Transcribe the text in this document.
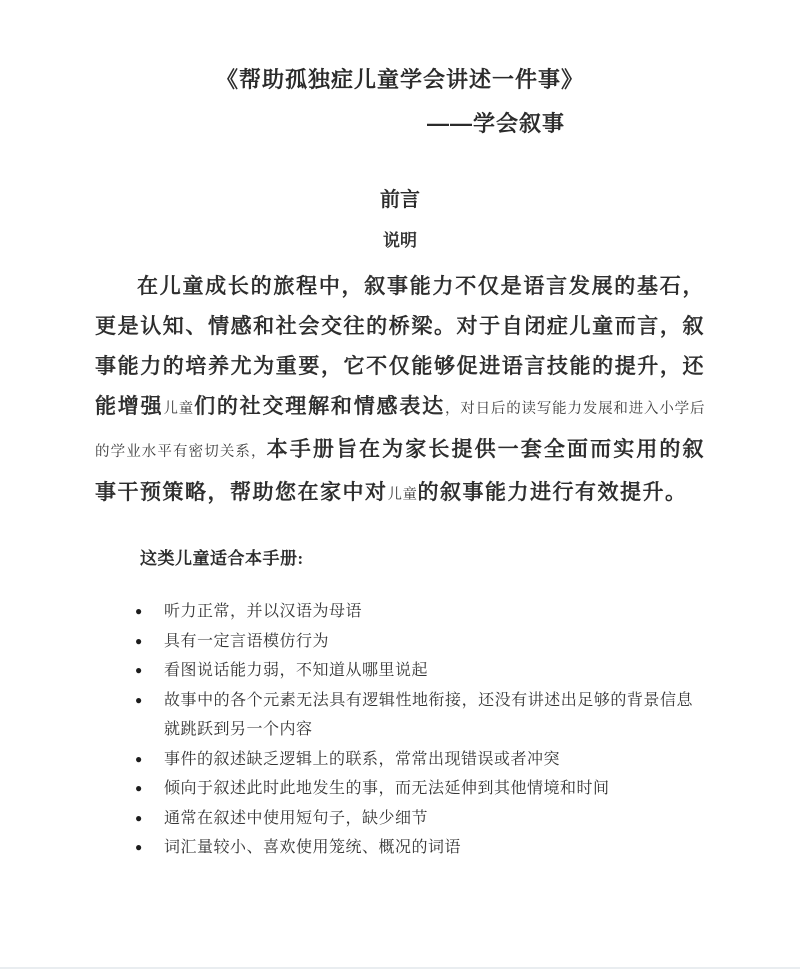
《帮助孤独症儿童学会讲述一件事》
——学会叙事
前言
说明

在儿童成长的旅程中，叙事能力不仅是语言发展的基石，更是认知、情感和社会交往的桥梁。对于自闭症儿童而言，叙事能力的培养尤为重要，它不仅能够促进语言技能的提升，还能增强儿童们的社交理解和情感表达，对日后的读写能力发展和进入小学后的学业水平有密切关系，本手册旨在为家长提供一套全面而实用的叙事干预策略，帮助您在家中对儿童的叙事能力进行有效提升。

这类儿童适合本手册:
● 听力正常，并以汉语为母语
● 具有一定言语模仿行为
● 看图说话能力弱，不知道从哪里说起
● 故事中的各个元素无法具有逻辑性地衔接，还没有讲述出足够的背景信息就跳跃到另一个内容
● 事件的叙述缺乏逻辑上的联系，常常出现错误或者冲突
● 倾向于叙述此时此地发生的事，而无法延伸到其他情境和时间
● 通常在叙述中使用短句子，缺少细节
● 词汇量较小、喜欢使用笼统、概况的词语
